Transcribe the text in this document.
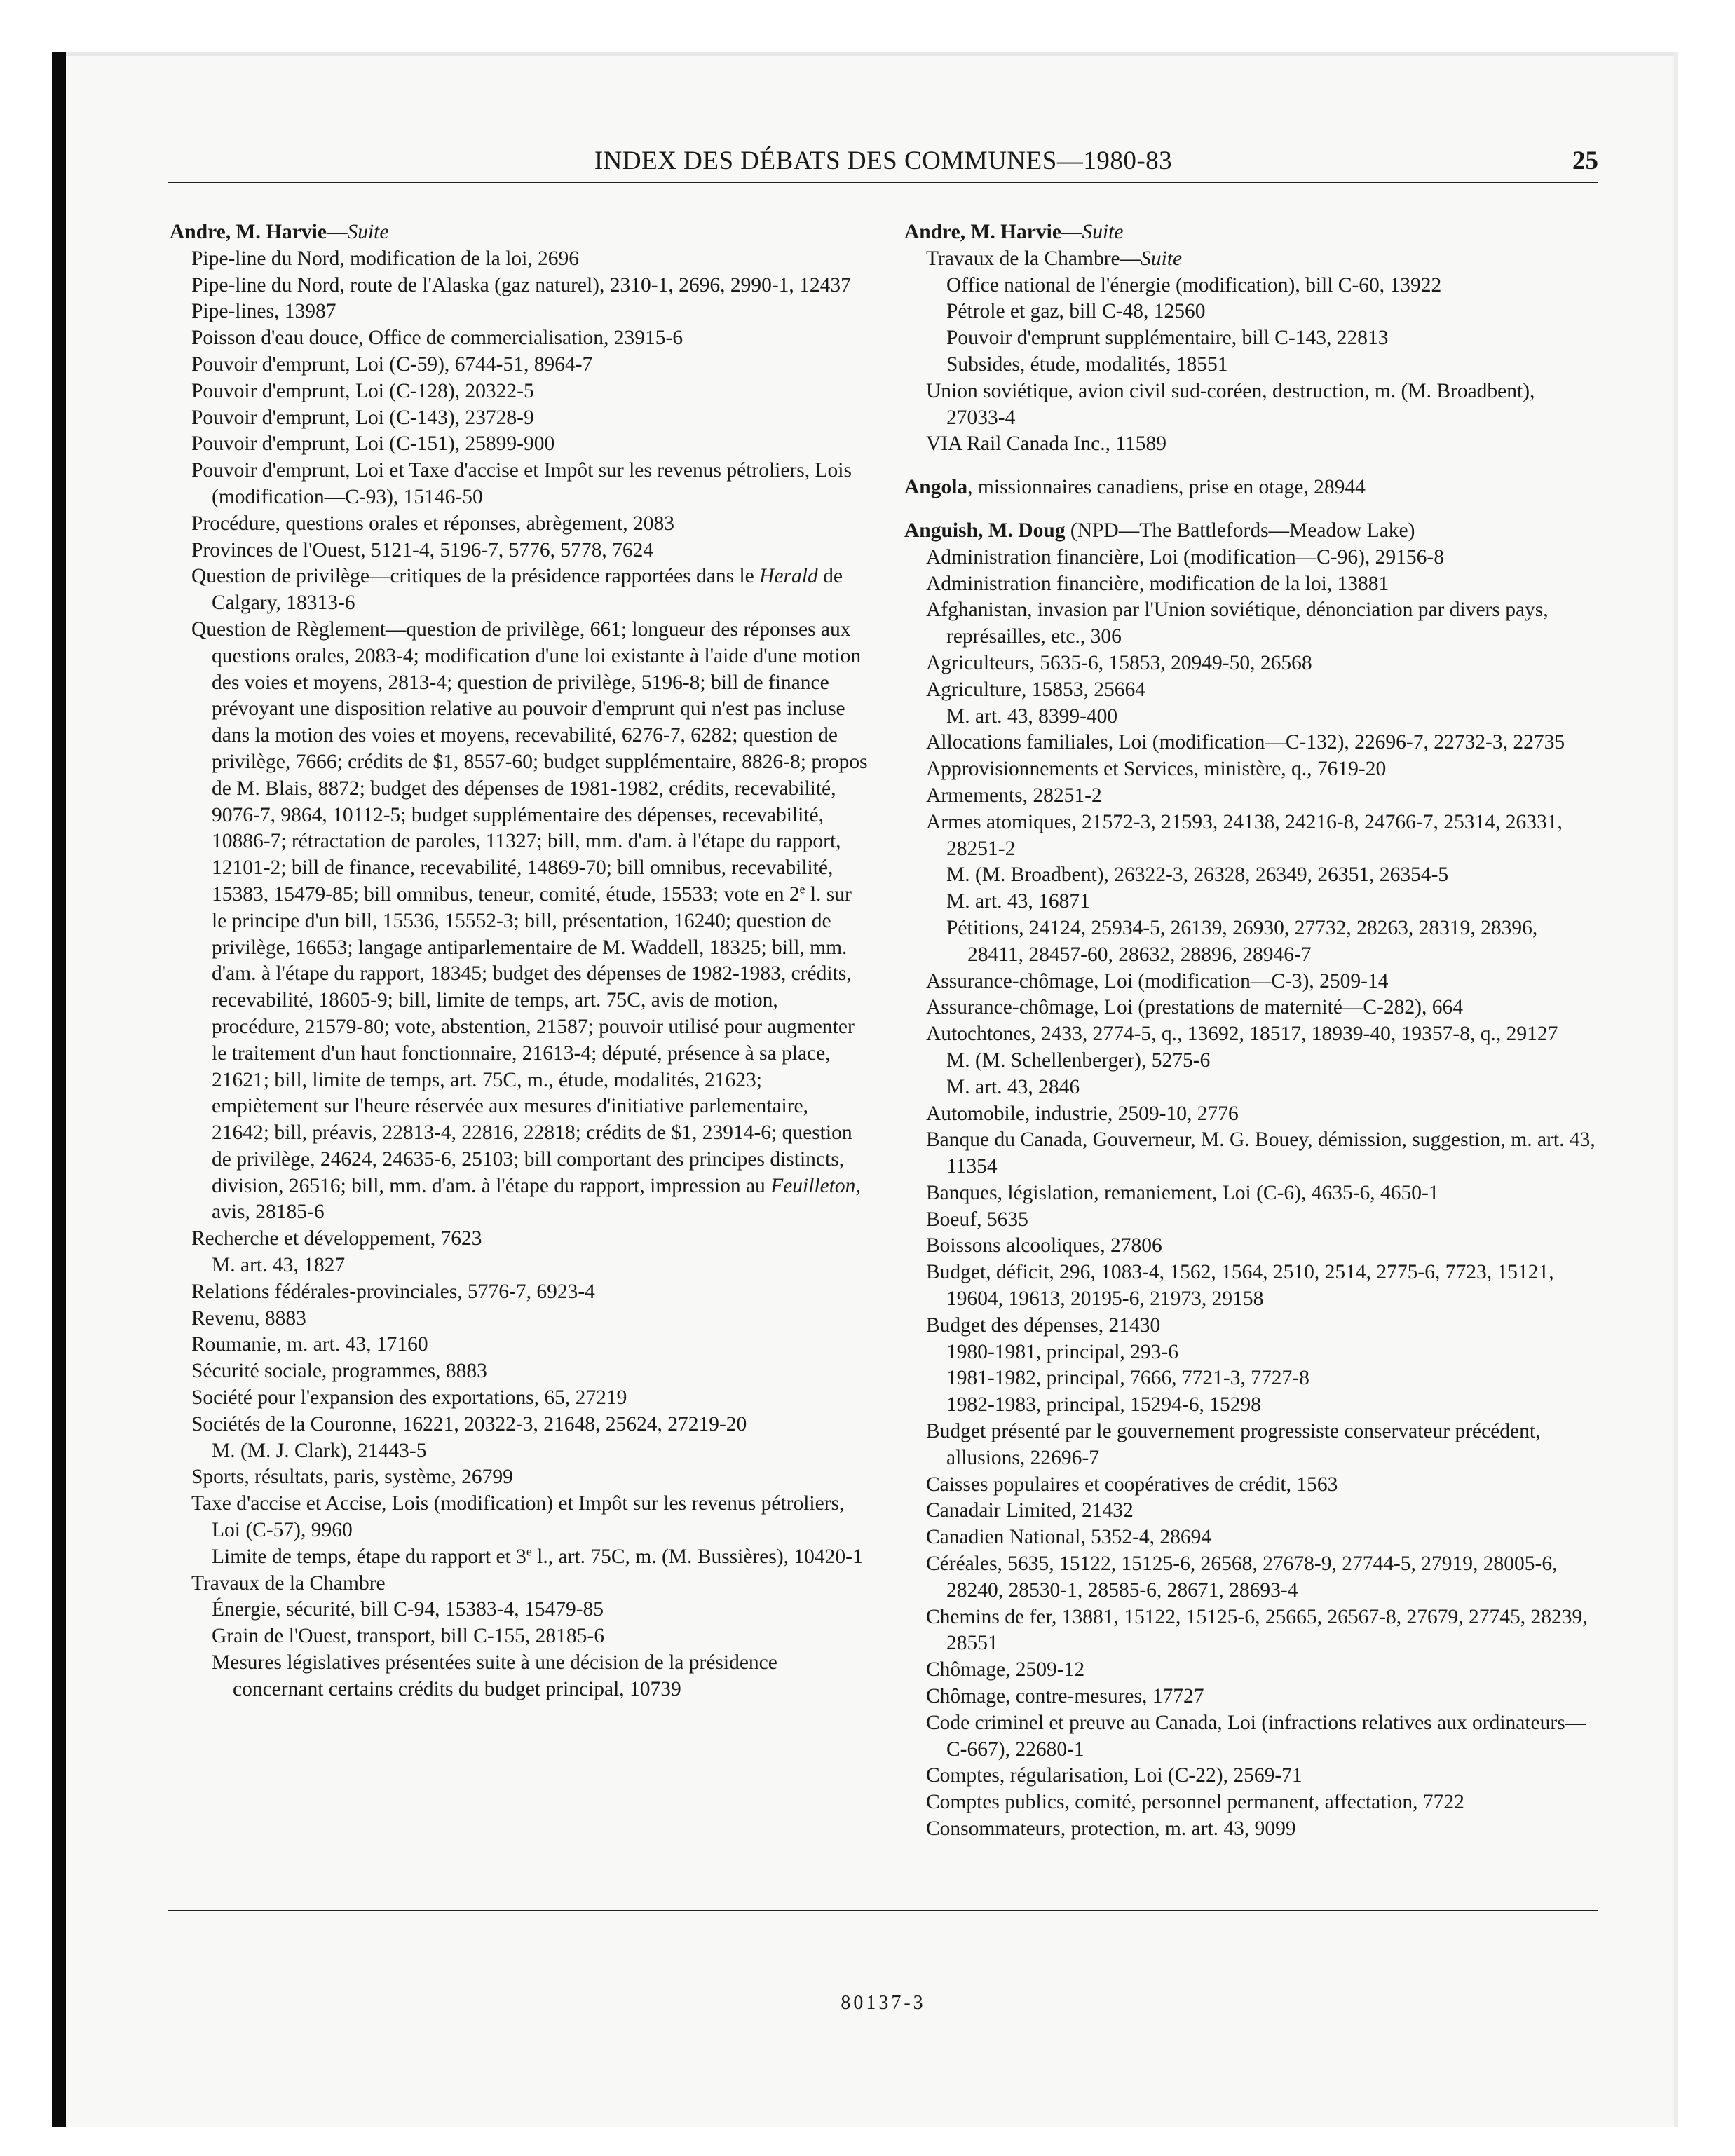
INDEX DES DÉBATS DES COMMUNES—1980-83	25

Andre, M. Harvie—Suite

Pipe-line du Nord, modification de la loi, 2696

Pipe-line du Nord, route de l'Alaska (gaz naturel), 2310-1, 2696, 2990-1, 12437

Pipe-lines, 13987

Poisson d'eau douce, Office de commercialisation, 23915-6

Pouvoir d'emprunt, Loi (C-59), 6744-51, 8964-7

Pouvoir d'emprunt, Loi (C-128), 20322-5

Pouvoir d'emprunt, Loi (C-143), 23728-9

Pouvoir d'emprunt, Loi (C-151), 25899-900

Pouvoir d'emprunt, Loi et Taxe d'accise et Impôt sur les revenus pétroliers, Lois (modification—C-93), 15146-50

Procédure, questions orales et réponses, abrègement, 2083

Provinces de l'Ouest, 5121-4, 5196-7, 5776, 5778, 7624

Question de privilège—critiques de la présidence rapportées dans le Herald de Calgary, 18313-6

Question de Règlement—question de privilège, 661; longueur des réponses aux questions orales, 2083-4; modification d'une loi existante à l'aide d'une motion des voies et moyens, 2813-4; question de privilège, 5196-8; bill de finance prévoyant une disposition relative au pouvoir d'emprunt qui n'est pas incluse dans la motion des voies et moyens, recevabilité, 6276-7, 6282; question de privilège, 7666; crédits de $1, 8557-60; budget supplémentaire, 8826-8; propos de M. Blais, 8872; budget des dépenses de 1981-1982, crédits, recevabilité, 9076-7, 9864, 10112-5; budget supplémentaire des dépenses, recevabilité, 10886-7; rétractation de paroles, 11327; bill, mm. d'am. à l'étape du rapport, 12101-2; bill de finance, recevabilité, 14869-70; bill omnibus, recevabilité, 15383, 15479-85; bill omnibus, teneur, comité, étude, 15533; vote en 2e l. sur le principe d'un bill, 15536, 15552-3; bill, présentation, 16240; question de privilège, 16653; langage antiparlementaire de M. Waddell, 18325; bill, mm. d'am. à l'étape du rapport, 18345; budget des dépenses de 1982-1983, crédits, recevabilité, 18605-9; bill, limite de temps, art. 75C, avis de motion, procédure, 21579-80; vote, abstention, 21587; pouvoir utilisé pour augmenter le traitement d'un haut fonctionnaire, 21613-4; député, présence à sa place, 21621; bill, limite de temps, art. 75C, m., étude, modalités, 21623; empiètement sur l'heure réservée aux mesures d'initiative parlementaire, 21642; bill, préavis, 22813-4, 22816, 22818; crédits de $1, 23914-6; question de privilège, 24624, 24635-6, 25103; bill comportant des principes distincts, division, 26516; bill, mm. d'am. à l'étape du rapport, impression au Feuilleton, avis, 28185-6

Recherche et développement, 7623

M. art. 43, 1827

Relations fédérales-provinciales, 5776-7, 6923-4

Revenu, 8883

Roumanie, m. art. 43, 17160

Sécurité sociale, programmes, 8883

Société pour l'expansion des exportations, 65, 27219

Sociétés de la Couronne, 16221, 20322-3, 21648, 25624, 27219-20

M. (M. J. Clark), 21443-5

Sports, résultats, paris, système, 26799

Taxe d'accise et Accise, Lois (modification) et Impôt sur les revenus pétroliers, Loi (C-57), 9960

Limite de temps, étape du rapport et 3e l., art. 75C, m. (M. Bussières), 10420-1

Travaux de la Chambre

Énergie, sécurité, bill C-94, 15383-4, 15479-85

Grain de l'Ouest, transport, bill C-155, 28185-6

Mesures législatives présentées suite à une décision de la présidence concernant certains crédits du budget principal, 10739

Andre, M. Harvie—Suite

Travaux de la Chambre—Suite

Office national de l'énergie (modification), bill C-60, 13922

Pétrole et gaz, bill C-48, 12560

Pouvoir d'emprunt supplémentaire, bill C-143, 22813

Subsides, étude, modalités, 18551

Union soviétique, avion civil sud-coréen, destruction, m. (M. Broadbent), 27033-4

VIA Rail Canada Inc., 11589

Angola, missionnaires canadiens, prise en otage, 28944

Anguish, M. Doug (NPD—The Battlefords—Meadow Lake)

Administration financière, Loi (modification—C-96), 29156-8

Administration financière, modification de la loi, 13881

Afghanistan, invasion par l'Union soviétique, dénonciation par divers pays, représailles, etc., 306

Agriculteurs, 5635-6, 15853, 20949-50, 26568

Agriculture, 15853, 25664

M. art. 43, 8399-400

Allocations familiales, Loi (modification—C-132), 22696-7, 22732-3, 22735

Approvisionnements et Services, ministère, q., 7619-20

Armements, 28251-2

Armes atomiques, 21572-3, 21593, 24138, 24216-8, 24766-7, 25314, 26331, 28251-2

M. (M. Broadbent), 26322-3, 26328, 26349, 26351, 26354-5

M. art. 43, 16871

Pétitions, 24124, 25934-5, 26139, 26930, 27732, 28263, 28319, 28396, 28411, 28457-60, 28632, 28896, 28946-7

Assurance-chômage, Loi (modification—C-3), 2509-14

Assurance-chômage, Loi (prestations de maternité—C-282), 664

Autochtones, 2433, 2774-5, q., 13692, 18517, 18939-40, 19357-8, q., 29127

M. (M. Schellenberger), 5275-6

M. art. 43, 2846

Automobile, industrie, 2509-10, 2776

Banque du Canada, Gouverneur, M. G. Bouey, démission, suggestion, m. art. 43, 11354

Banques, législation, remaniement, Loi (C-6), 4635-6, 4650-1

Boeuf, 5635

Boissons alcooliques, 27806

Budget, déficit, 296, 1083-4, 1562, 1564, 2510, 2514, 2775-6, 7723, 15121, 19604, 19613, 20195-6, 21973, 29158

Budget des dépenses, 21430

1980-1981, principal, 293-6

1981-1982, principal, 7666, 7721-3, 7727-8

1982-1983, principal, 15294-6, 15298

Budget présenté par le gouvernement progressiste conservateur précédent, allusions, 22696-7

Caisses populaires et coopératives de crédit, 1563

Canadair Limited, 21432

Canadien National, 5352-4, 28694

Céréales, 5635, 15122, 15125-6, 26568, 27678-9, 27744-5, 27919, 28005-6, 28240, 28530-1, 28585-6, 28671, 28693-4

Chemins de fer, 13881, 15122, 15125-6, 25665, 26567-8, 27679, 27745, 28239, 28551

Chômage, 2509-12

Chômage, contre-mesures, 17727

Code criminel et preuve au Canada, Loi (infractions relatives aux ordinateurs—C-667), 22680-1

Comptes, régularisation, Loi (C-22), 2569-71

Comptes publics, comité, personnel permanent, affectation, 7722

Consommateurs, protection, m. art. 43, 9099

80137-3
